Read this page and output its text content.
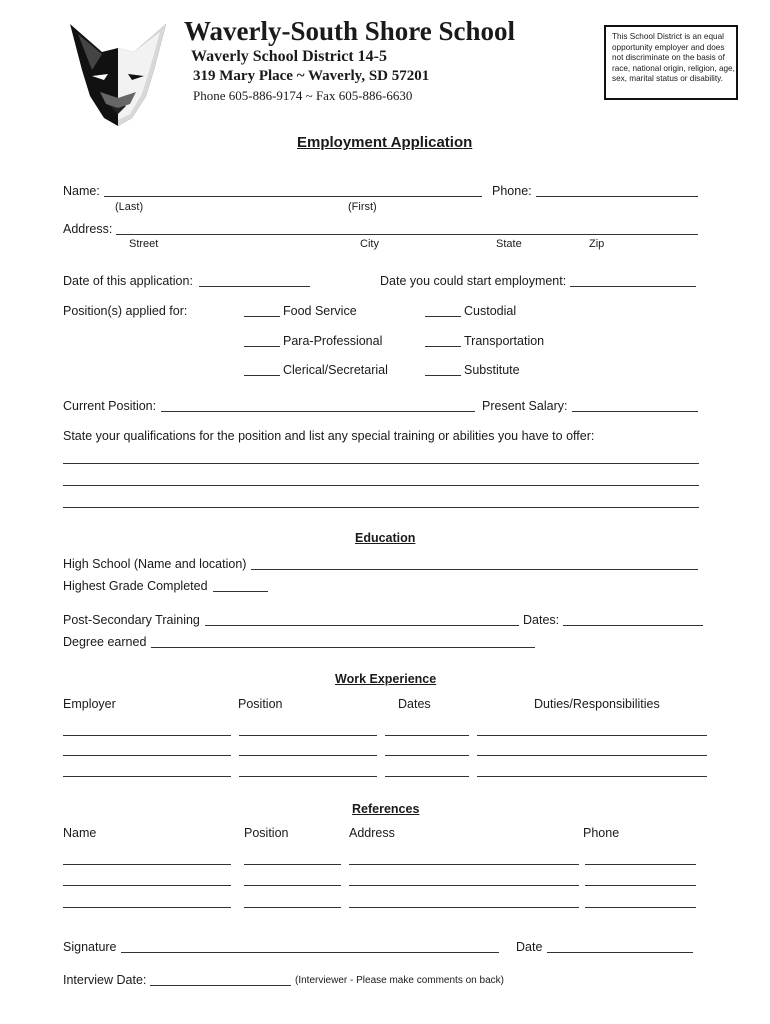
Waverly-South Shore School
Waverly School District 14-5
319 Mary Place ~ Waverly, SD 57201
Phone 605-886-9174 ~ Fax 605-886-6630
This School District is an equal opportunity employer and does not discriminate on the basis of race, national origin, religion, age, sex, marital status or disability.
Employment Application
Name:	Phone:
(Last)	(First)
Address:
Street	City	State	Zip
Date of this application:	Date you could start employment:
Position(s) applied for:	Food Service	Custodial
Para-Professional	Transportation
Clerical/Secretarial	Substitute
Current Position:	Present Salary:
State your qualifications for the position and list any special training or abilities you have to offer:
Education
High School (Name and location)
Highest Grade Completed
Post-Secondary Training	Dates:
Degree earned
Work Experience
Employer	Position	Dates	Duties/Responsibilities
References
Name	Position	Address	Phone
Signature	Date
Interview Date:	(Interviewer - Please make comments on back)
